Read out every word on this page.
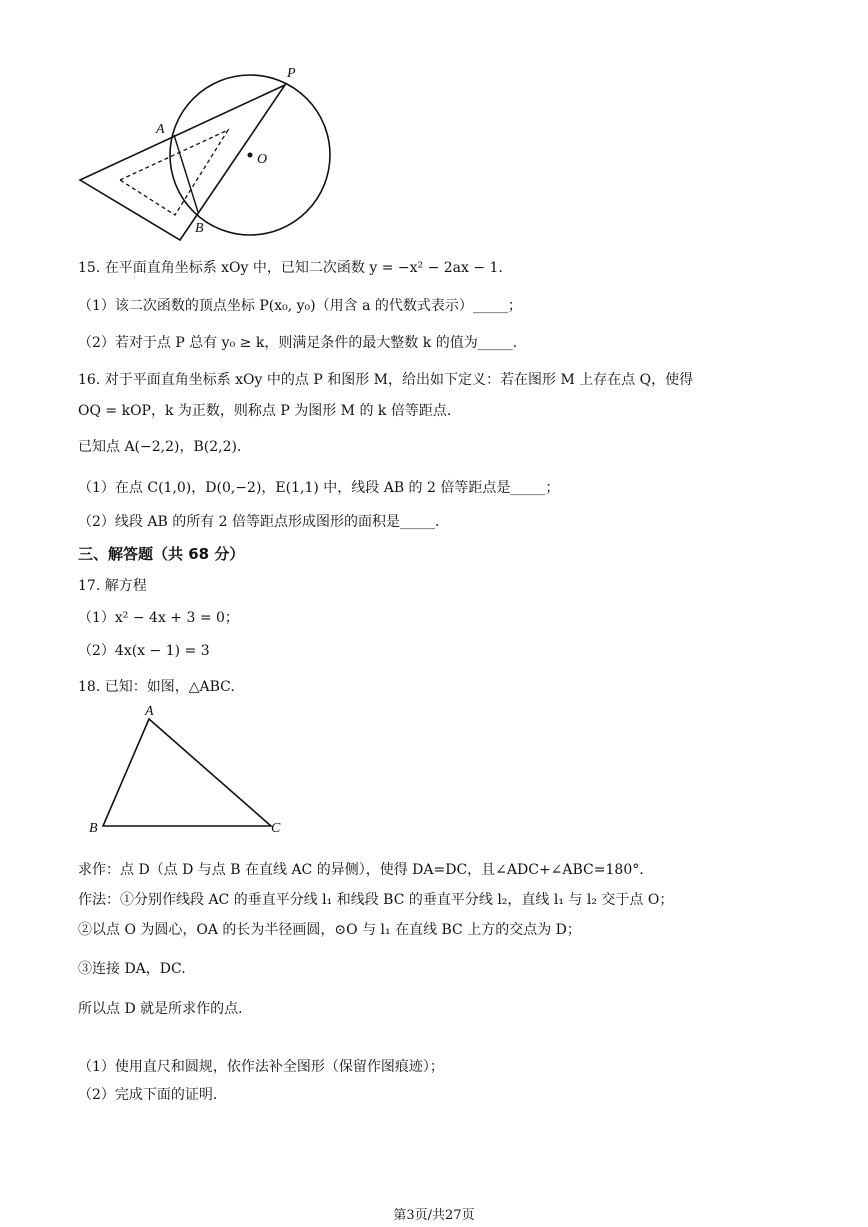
P
A
O
B
15. 在平面直角坐标系 xOy 中，已知二次函数 y = −x² − 2ax − 1．
（1）该二次函数的顶点坐标 P(x₀, y₀)（用含 a 的代数式表示）_____；
（2）若对于点 P 总有 y₀ ≥ k，则满足条件的最大整数 k 的值为_____.
16. 对于平面直角坐标系 xOy 中的点 P 和图形 M，给出如下定义：若在图形 M 上存在点 Q，使得
OQ = kOP，k 为正数，则称点 P 为图形 M 的 k 倍等距点.
已知点 A(−2,2)，B(2,2)．
（1）在点 C(1,0)，D(0,−2)，E(1,1) 中，线段 AB 的 2 倍等距点是_____；
（2）线段 AB 的所有 2 倍等距点形成图形的面积是_____.
三、解答题（共 68 分）
17. 解方程
（1）x² − 4x + 3 = 0；
（2）4x(x − 1) = 3
18. 已知：如图，△ABC.
A
B	C
求作：点 D（点 D 与点 B 在直线 AC 的异侧），使得 DA=DC，且∠ADC+∠ABC=180°.
作法：①分别作线段 AC 的垂直平分线 l₁ 和线段 BC 的垂直平分线 l₂，直线 l₁ 与 l₂ 交于点 O；
②以点 O 为圆心，OA 的长为半径画圆，⊙O 与 l₁ 在直线 BC 上方的交点为 D；
③连接 DA，DC.
所以点 D 就是所求作的点.
（1）使用直尺和圆规，依作法补全图形（保留作图痕迹）；
（2）完成下面的证明.
第3页/共27页
